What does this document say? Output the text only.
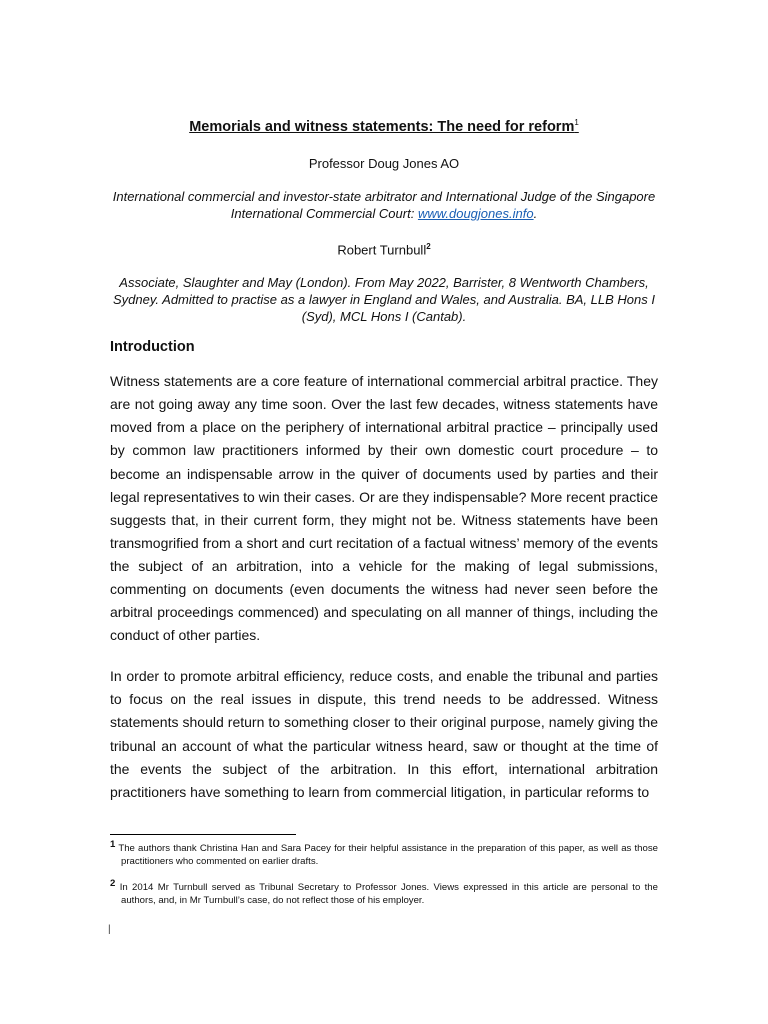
Memorials and witness statements: The need for reform$^1$

Professor Doug Jones AO
International commercial and investor-state arbitrator and International Judge of the Singapore International Commercial Court: www.dougjones.info.
Robert Turnbull$^2$
Associate, Slaughter and May (London). From May 2022, Barrister, 8 Wentworth Chambers, Sydney. Admitted to practise as a lawyer in England and Wales, and Australia. BA, LLB Hons I (Syd), MCL Hons I (Cantab).

Introduction

Witness statements are a core feature of international commercial arbitral practice. They are not going away any time soon. Over the last few decades, witness statements have moved from a place on the periphery of international arbitral practice – principally used by common law practitioners informed by their own domestic court procedure – to become an indispensable arrow in the quiver of documents used by parties and their legal representatives to win their cases. Or are they indispensable? More recent practice suggests that, in their current form, they might not be. Witness statements have been transmogrified from a short and curt recitation of a factual witness’ memory of the events the subject of an arbitration, into a vehicle for the making of legal submissions, commenting on documents (even documents the witness had never seen before the arbitral proceedings commenced) and speculating on all manner of things, including the conduct of other parties.

In order to promote arbitral efficiency, reduce costs, and enable the tribunal and parties to focus on the real issues in dispute, this trend needs to be addressed. Witness statements should return to something closer to their original purpose, namely giving the tribunal an account of what the particular witness heard, saw or thought at the time of the events the subject of the arbitration. In this effort, international arbitration practitioners have something to learn from commercial litigation, in particular reforms to

1 The authors thank Christina Han and Sara Pacey for their helpful assistance in the preparation of this paper, as well as those practitioners who commented on earlier drafts.

2 In 2014 Mr Turnbull served as Tribunal Secretary to Professor Jones. Views expressed in this article are personal to the authors, and, in Mr Turnbull’s case, do not reflect those of his employer.

|
